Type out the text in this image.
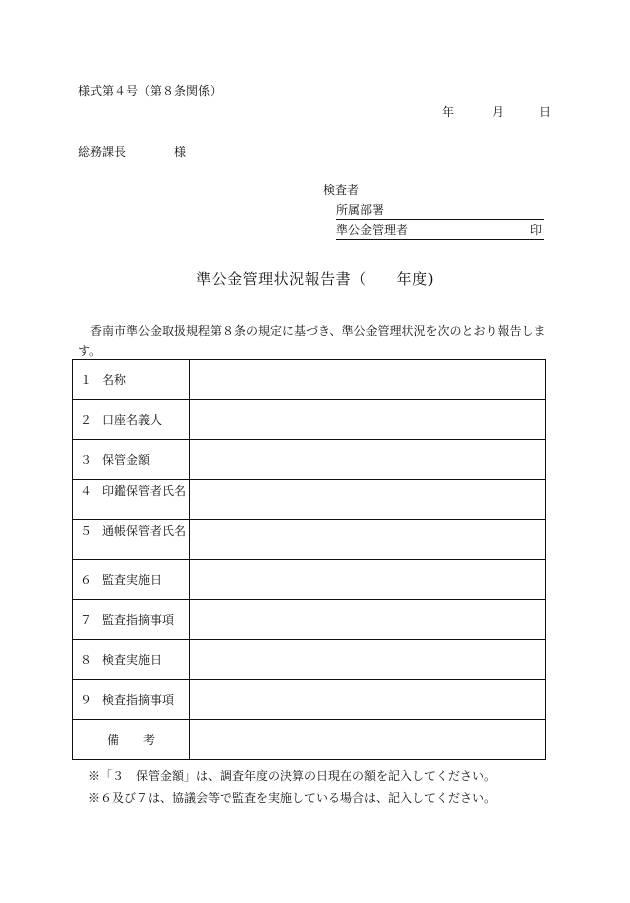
様式第４号（第８条関係）
年	月	日
総務課長	様
検査者
所属部署
準公金管理者	印
準公金管理状況報告書（ 年度)
香南市準公金取扱規程第８条の規定に基づき、準公金管理状況を次のとおり報告します。
１ 名称	
２ 口座名義人	
３ 保管金額	
４ 印鑑保管者氏名	
５ 通帳保管者氏名	
６ 監査実施日	
７ 監査指摘事項	
８ 検査実施日	
９ 検査指摘事項	
備　　考	
※「３　保管金額」は、調査年度の決算の日現在の額を記入してください。
※６及び７は、協議会等で監査を実施している場合は、記入してください。
